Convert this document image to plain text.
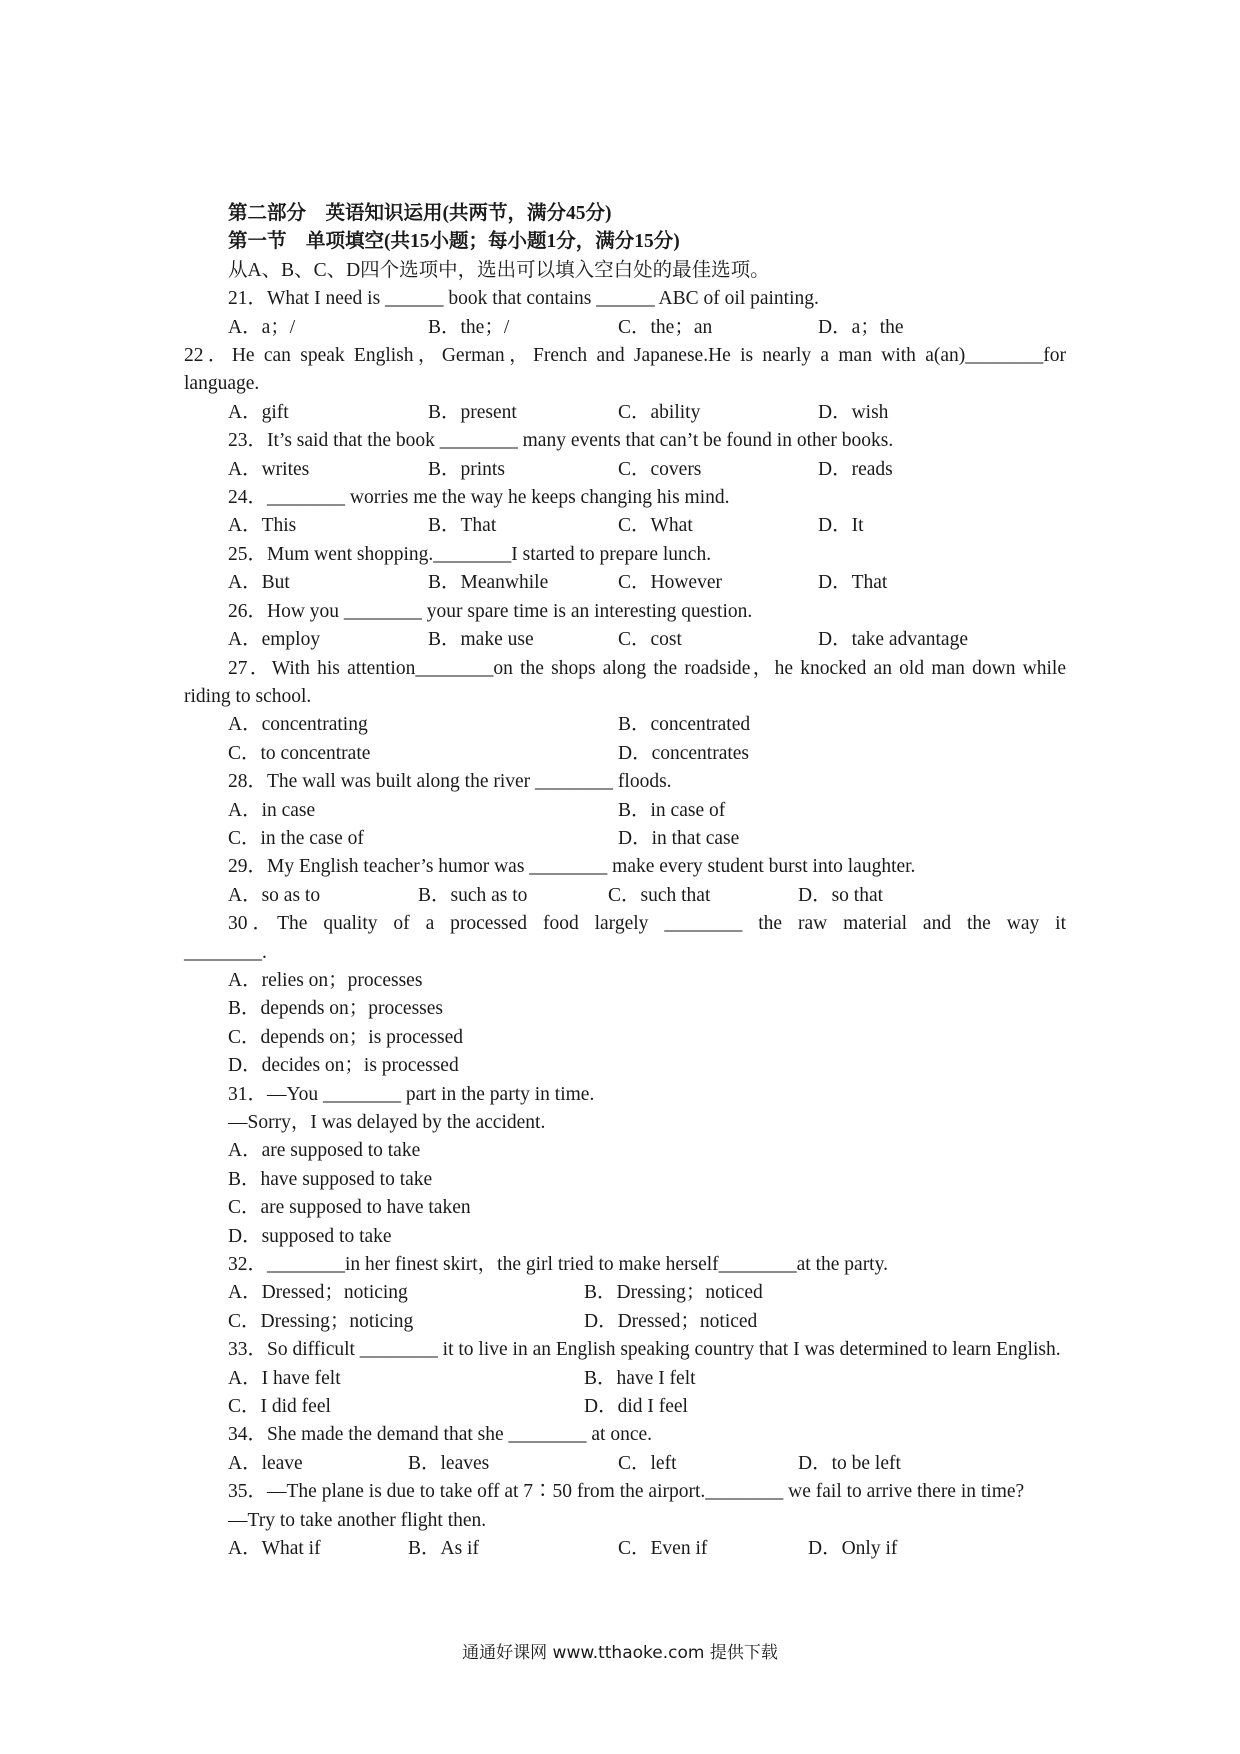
第二部分　英语知识运用(共两节，满分45分)
第一节　单项填空(共15小题；每小题1分，满分15分)
从A、B、C、D四个选项中，选出可以填入空白处的最佳选项。
21．What I need is ______ book that contains ______ ABC of oil painting.
A．a；/	B．the；/	C．the；an	D．a；the
22．He can speak English，German，French and Japanese.He is nearly a man with a(an)________for language.
A．gift	B．present	C．ability	D．wish
23．It’s said that the book ________ many events that can’t be found in other books.
A．writes	B．prints	C．covers	D．reads
24．________ worries me the way he keeps changing his mind.
A．This	B．That	C．What	D．It
25．Mum went shopping.________I started to prepare lunch.
A．But	B．Meanwhile	C．However	D．That
26．How you ________ your spare time is an interesting question.
A．employ	B．make use	C．cost	D．take advantage
27．With his attention________on the shops along the roadside，he knocked an old man down while riding to school.
A．concentrating	B．concentrated
C．to concentrate	D．concentrates
28．The wall was built along the river ________ floods.
A．in case	B．in case of
C．in the case of	D．in that case
29．My English teacher’s humor was ________ make every student burst into laughter.
A．so as to	B．such as to	C．such that	D．so that
30．The quality of a processed food largely ________ the raw material and the way it ________.
A．relies on；processes
B．depends on；processes
C．depends on；is processed
D．decides on；is processed
31．—You ________ part in the party in time.
—Sorry，I was delayed by the accident.
A．are supposed to take
B．have supposed to take
C．are supposed to have taken
D．supposed to take
32．________in her finest skirt，the girl tried to make herself________at the party.
A．Dressed；noticing	B．Dressing；noticed
C．Dressing；noticing	D．Dressed；noticed
33．So difficult ________ it to live in an English speaking country that I was determined to learn English.
A．I have felt	B．have I felt
C．I did feel	D．did I feel
34．She made the demand that she ________ at once.
A．leave	B．leaves	C．left	D．to be left
35．—The plane is due to take off at 7∶50 from the airport.________ we fail to arrive there in time?
—Try to take another flight then.
A．What if	B．As if	C．Even if	D．Only if
通通好课网 www.tthaoke.com 提供下载
